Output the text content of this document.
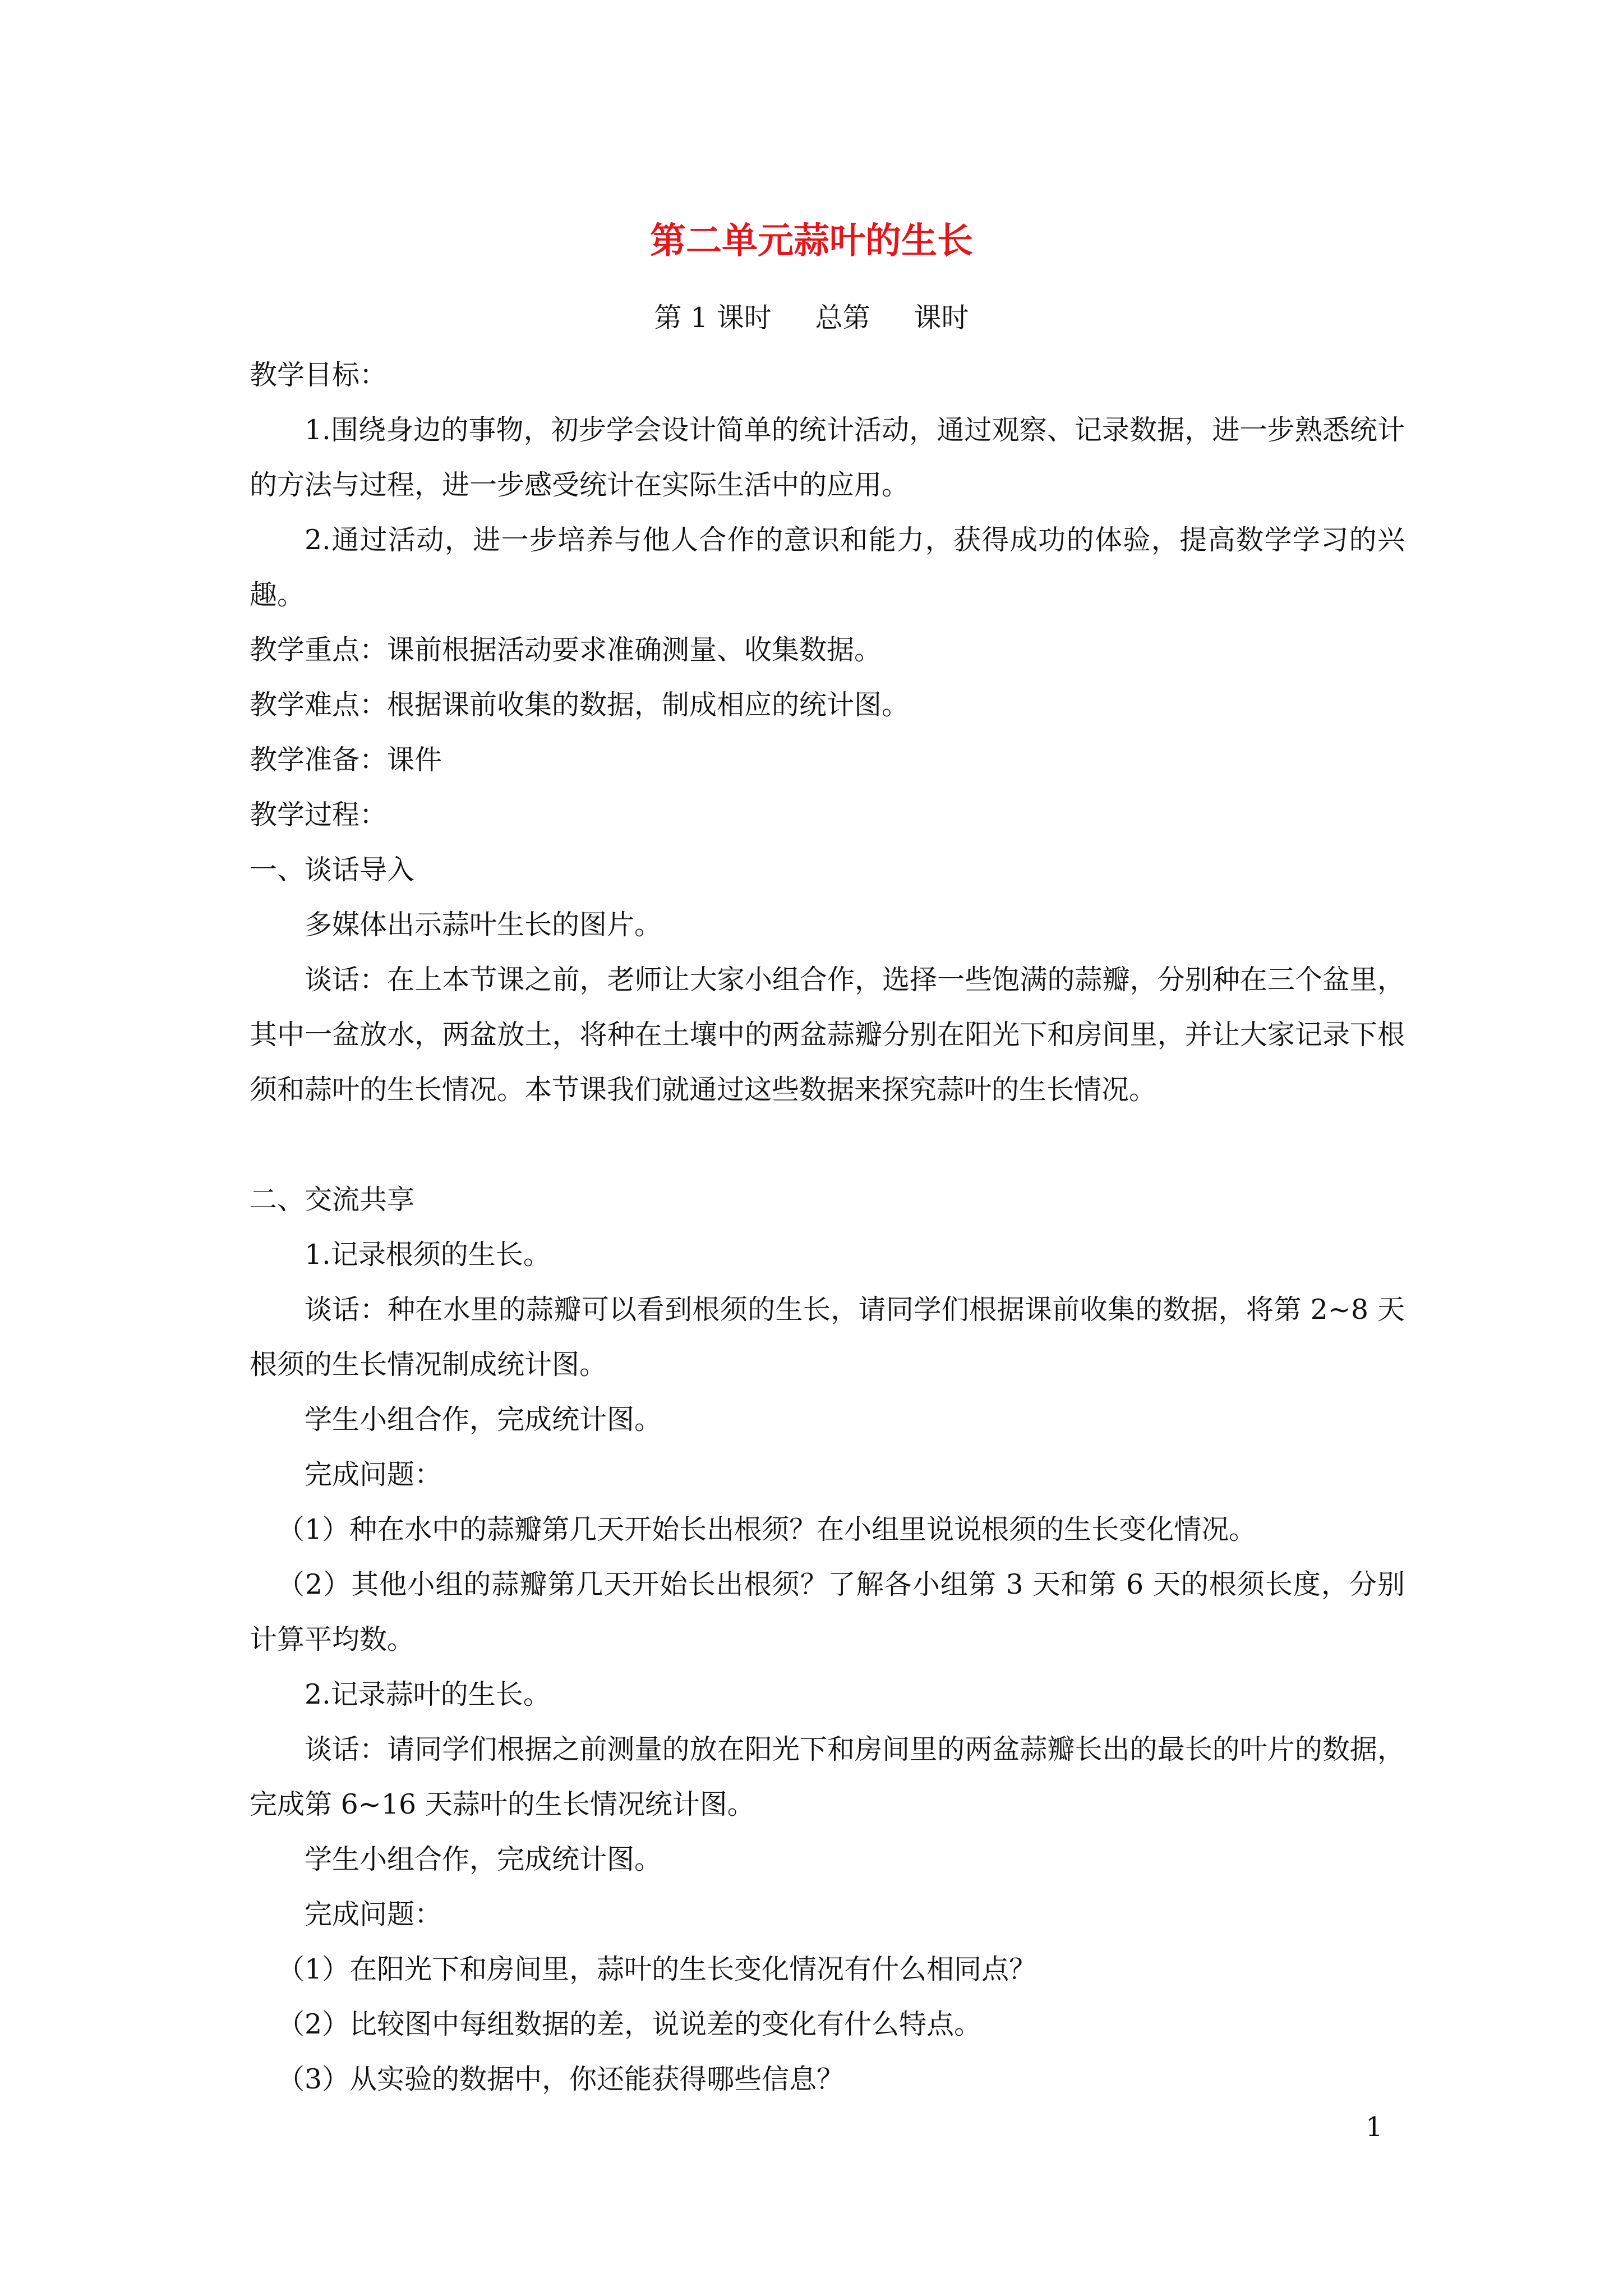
第二单元蒜叶的生长
第 1 课时     总第     课时

教学目标：

1.围绕身边的事物，初步学会设计简单的统计活动，通过观察、记录数据，进一步熟悉统计的方法与过程，进一步感受统计在实际生活中的应用。

2.通过活动，进一步培养与他人合作的意识和能力，获得成功的体验，提高数学学习的兴趣。

教学重点：课前根据活动要求准确测量、收集数据。

教学难点：根据课前收集的数据，制成相应的统计图。

教学准备：课件

教学过程：

一、谈话导入

多媒体出示蒜叶生长的图片。

谈话：在上本节课之前，老师让大家小组合作，选择一些饱满的蒜瓣，分别种在三个盆里，其中一盆放水，两盆放土，将种在土壤中的两盆蒜瓣分别在阳光下和房间里，并让大家记录下根须和蒜叶的生长情况。本节课我们就通过这些数据来探究蒜叶的生长情况。

二、交流共享

1.记录根须的生长。

谈话：种在水里的蒜瓣可以看到根须的生长，请同学们根据课前收集的数据，将第 2~8 天根须的生长情况制成统计图。

学生小组合作，完成统计图。

完成问题：

（1）种在水中的蒜瓣第几天开始长出根须？在小组里说说根须的生长变化情况。

（2）其他小组的蒜瓣第几天开始长出根须？了解各小组第 3 天和第 6 天的根须长度，分别计算平均数。

2.记录蒜叶的生长。

谈话：请同学们根据之前测量的放在阳光下和房间里的两盆蒜瓣长出的最长的叶片的数据，完成第 6~16 天蒜叶的生长情况统计图。

学生小组合作，完成统计图。

完成问题：

（1）在阳光下和房间里，蒜叶的生长变化情况有什么相同点？

（2）比较图中每组数据的差，说说差的变化有什么特点。

（3）从实验的数据中，你还能获得哪些信息？

1
